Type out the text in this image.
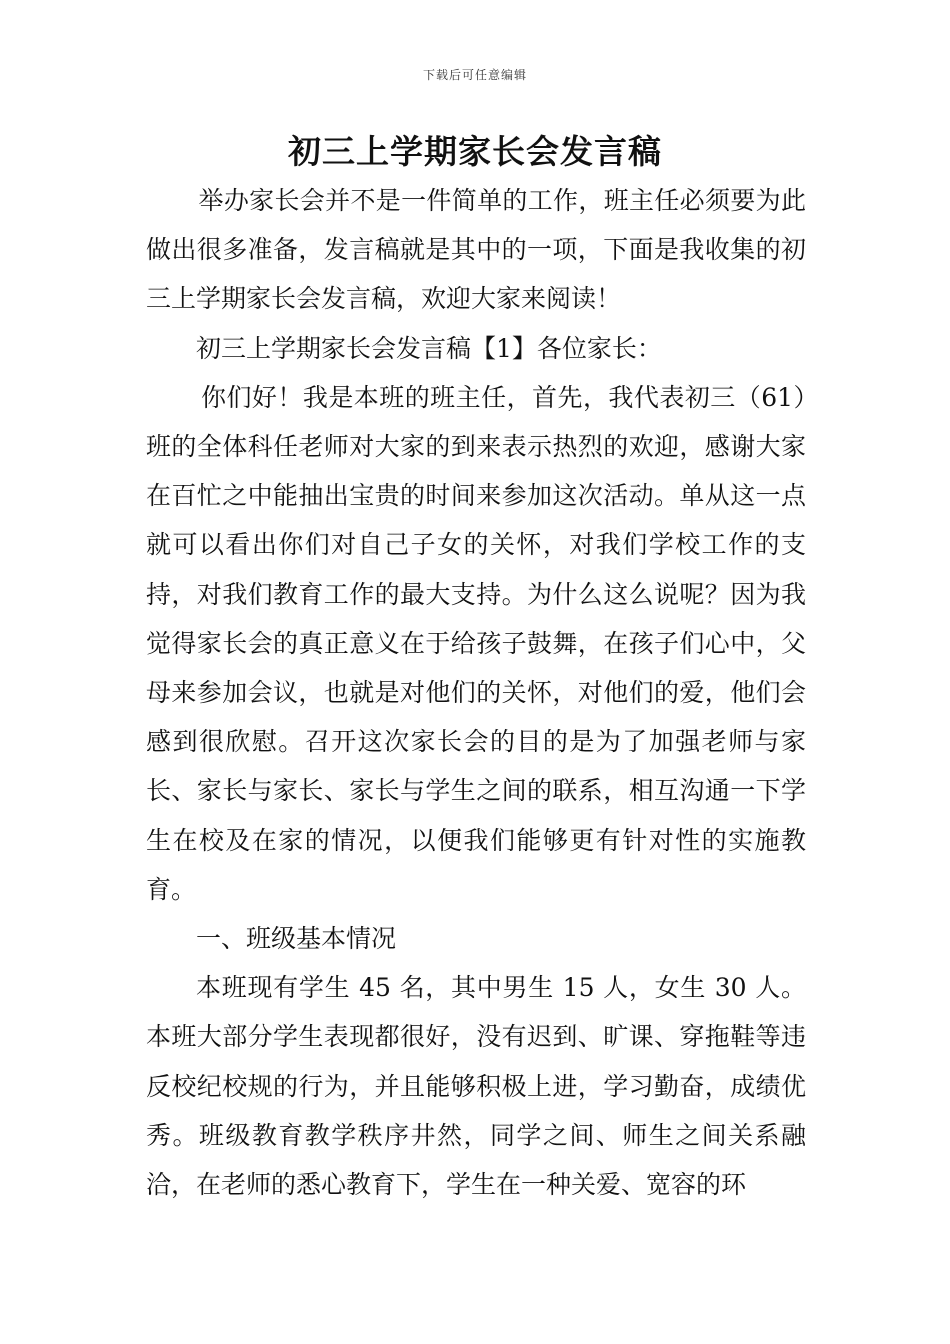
下载后可任意编辑
初三上学期家长会发言稿

举办家长会并不是一件简单的工作，班主任必须要为此做出很多准备，发言稿就是其中的一项，下面是我收集的初三上学期家长会发言稿，欢迎大家来阅读！

初三上学期家长会发言稿【1】各位家长：

你们好！我是本班的班主任，首先，我代表初三（61）班的全体科任老师对大家的到来表示热烈的欢迎，感谢大家在百忙之中能抽出宝贵的时间来参加这次活动。单从这一点就可以看出你们对自己子女的关怀，对我们学校工作的支持，对我们教育工作的最大支持。为什么这么说呢？因为我觉得家长会的真正意义在于给孩子鼓舞，在孩子们心中，父母来参加会议，也就是对他们的关怀，对他们的爱，他们会感到很欣慰。召开这次家长会的目的是为了加强老师与家长、家长与家长、家长与学生之间的联系，相互沟通一下学生在校及在家的情况，以便我们能够更有针对性的实施教育。

一、班级基本情况

本班现有学生 45 名，其中男生 15 人，女生 30 人。本班大部分学生表现都很好，没有迟到、旷课、穿拖鞋等违反校纪校规的行为，并且能够积极上进，学习勤奋，成绩优秀。班级教育教学秩序井然，同学之间、师生之间关系融洽，在老师的悉心教育下，学生在一种关爱、宽容的环
